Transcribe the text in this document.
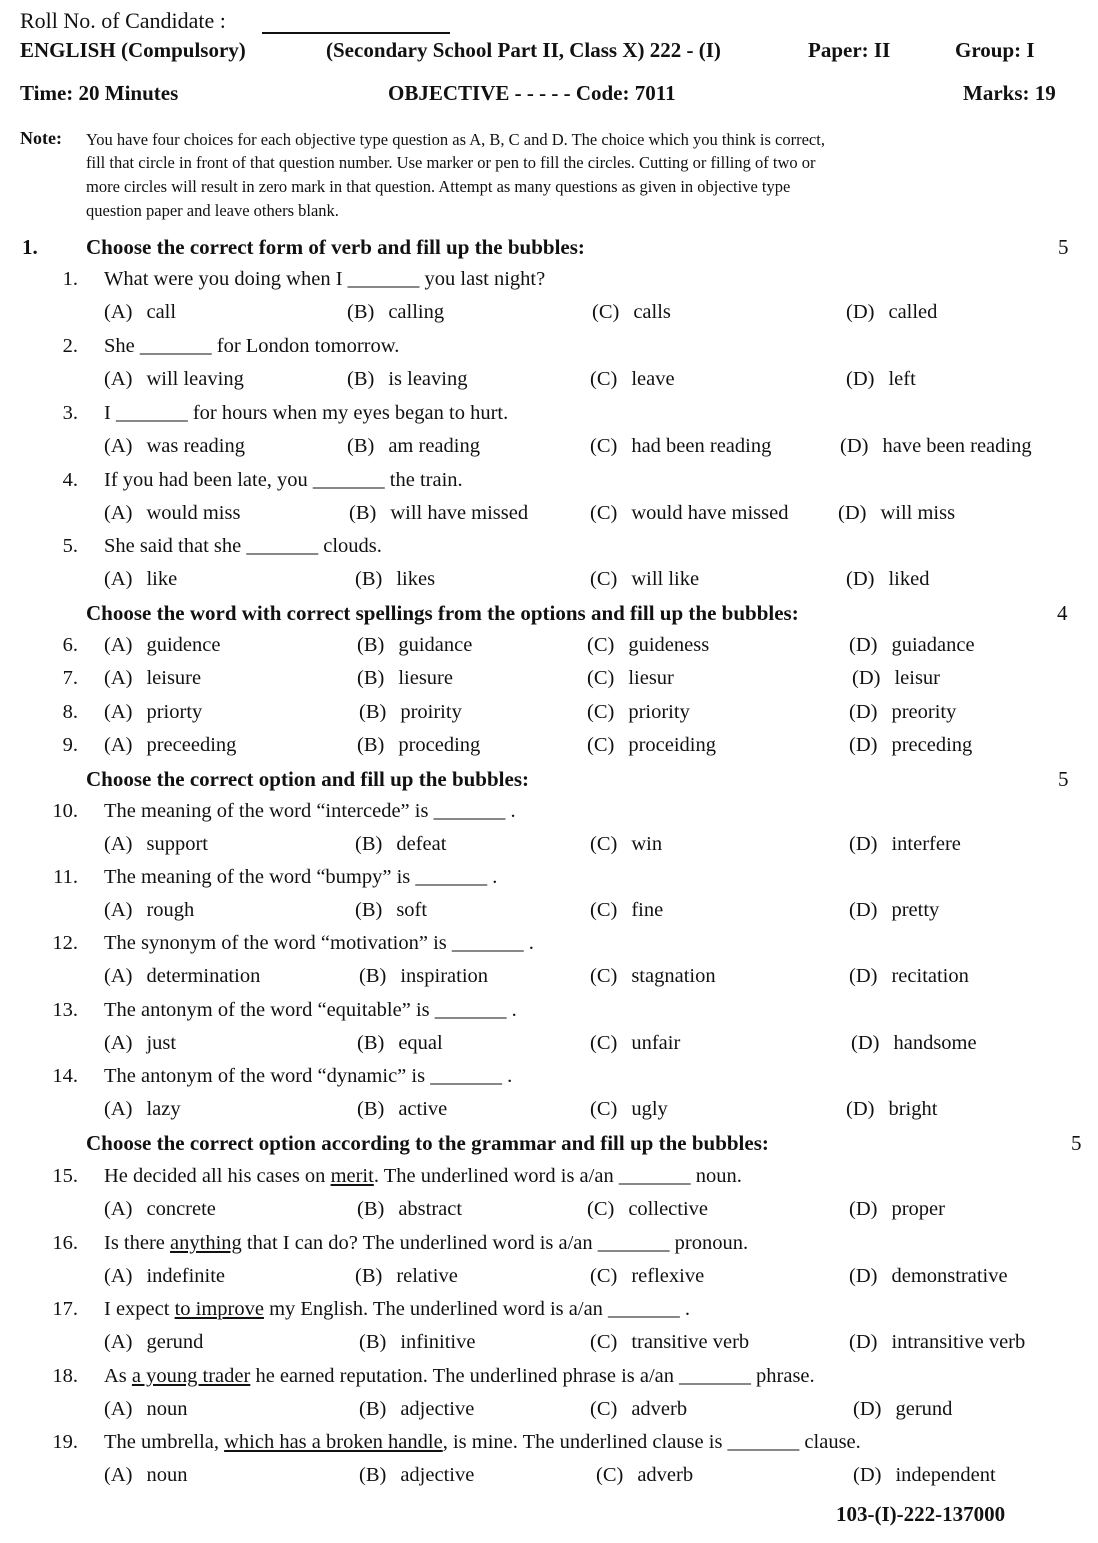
Roll No. of Candidate :
ENGLISH (Compulsory)	(Secondary School Part II, Class X) 222 - (I)	Paper: II	Group: I
Time: 20 Minutes	OBJECTIVE - - - - - Code: 7011	Marks: 19
Note: You have four choices for each objective type question as A, B, C and D. The choice which you think is correct,
fill that circle in front of that question number. Use marker or pen to fill the circles. Cutting or filling of two or
more circles will result in zero mark in that question. Attempt as many questions as given in objective type
question paper and leave others blank.
1. Choose the correct form of verb and fill up the bubbles:	5
Choose the word with correct spellings from the options and fill up the bubbles:	4
Choose the correct option and fill up the bubbles:	5
Choose the correct option according to the grammar and fill up the bubbles:	5
1. What were you doing when I _______ you last night?
(A) call	(B) calling	(C) calls	(D) called
2. She _______ for London tomorrow.
(A) will leaving	(B) is leaving	(C) leave	(D) left
3. I _______ for hours when my eyes began to hurt.
(A) was reading	(B) am reading	(C) had been reading	(D) have been reading
4. If you had been late, you _______ the train.
(A) would miss	(B) will have missed	(C) would have missed (D) will miss
5. She said that she _______ clouds.
(A) like	(B) likes	(C) will like	(D) liked
6. (A) guidence	(B) guidance	(C) guideness	(D) guiadance
7. (A) leisure	(B) liesure	(C) liesur	(D) leisur
8. (A) priorty	(B) proirity	(C) priority	(D) preority
9. (A) preceeding	(B) proceding	(C) proceiding	(D) preceding
10. The meaning of the word “intercede” is _______ .
(A) support	(B) defeat	(C) win	(D) interfere
11. The meaning of the word “bumpy” is _______ .
(A) rough	(B) soft	(C) fine	(D) pretty
12. The synonym of the word “motivation” is _______ .
(A) determination	(B) inspiration	(C) stagnation	(D) recitation
13. The antonym of the word “equitable” is _______ .
(A) just	(B) equal	(C) unfair	(D) handsome
14. The antonym of the word “dynamic” is _______ .
(A) lazy	(B) active	(C) ugly	(D) bright
15. He decided all his cases on merit. The underlined word is a/an _______ noun.
(A) concrete	(B) abstract	(C) collective	(D) proper
16. Is there anything that I can do? The underlined word is a/an _______ pronoun.
(A) indefinite	(B) relative	(C) reflexive	(D) demonstrative
17. I expect to improve my English. The underlined word is a/an _______ .
(A) gerund	(B) infinitive	(C) transitive verb	(D) intransitive verb
18. As a young trader he earned reputation. The underlined phrase is a/an _______ phrase.
(A) noun	(B) adjective	(C) adverb	(D) gerund
19. The umbrella, which has a broken handle, is mine. The underlined clause is _______ clause.
(A) noun	(B) adjective	(C) adverb	(D) independent
103-(I)-222-137000
